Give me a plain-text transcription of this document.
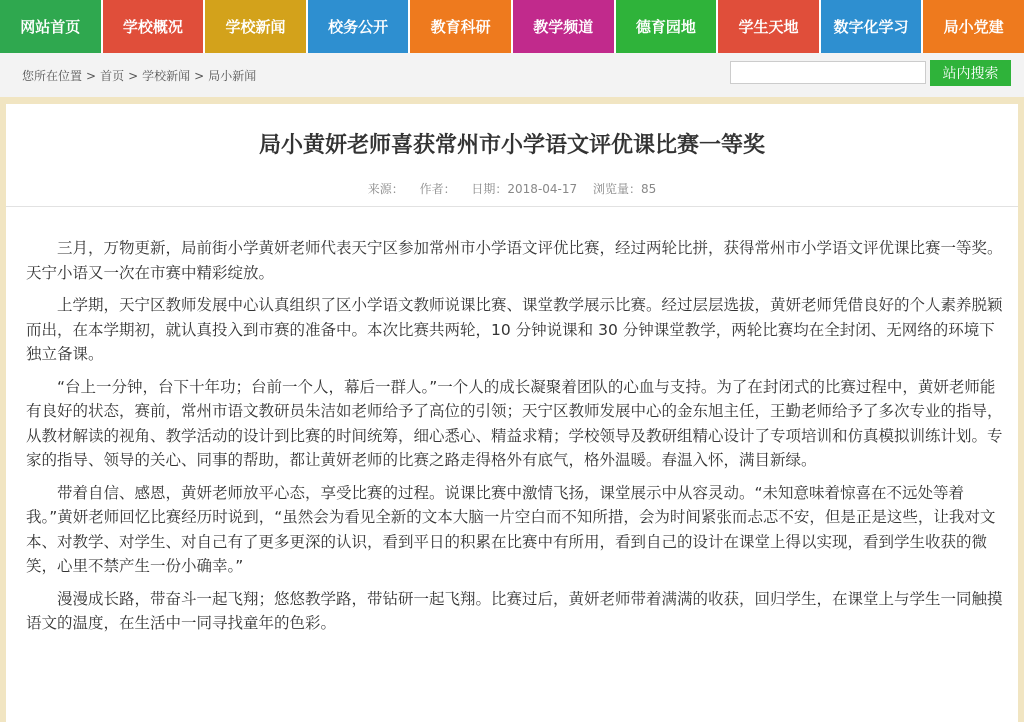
网站首页	学校概况	学校新闻	校务公开	教育科研	教学频道	德育园地	学生天地	数字化学习	局小党建
您所在位置 > 首页 > 学校新闻 > 局小新闻	站内搜索
局小黄妍老师喜获常州市小学语文评优课比赛一等奖
来源： 作者： 日期：2018-04-17 浏览量：85

三月，万物更新，局前街小学黄妍老师代表天宁区参加常州市小学语文评优比赛，经过两轮比拼，获得常州市小学语文评优课比赛一等奖。天宁小语又一次在市赛中精彩绽放。

上学期，天宁区教师发展中心认真组织了区小学语文教师说课比赛、课堂教学展示比赛。经过层层选拔，黄妍老师凭借良好的个人素养脱颖而出，在本学期初，就认真投入到市赛的准备中。本次比赛共两轮，10 分钟说课和 30 分钟课堂教学，两轮比赛均在全封闭、无网络的环境下独立备课。

“台上一分钟，台下十年功；台前一个人，幕后一群人。”一个人的成长凝聚着团队的心血与支持。为了在封闭式的比赛过程中，黄妍老师能有良好的状态，赛前，常州市语文教研员朱洁如老师给予了高位的引领；天宁区教师发展中心的金东旭主任，王勤老师给予了多次专业的指导，从教材解读的视角、教学活动的设计到比赛的时间统筹，细心悉心、精益求精；学校领导及教研组精心设计了专项培训和仿真模拟训练计划。专家的指导、领导的关心、同事的帮助，都让黄妍老师的比赛之路走得格外有底气，格外温暖。春温入怀，满目新绿。

带着自信、感恩，黄妍老师放平心态，享受比赛的过程。说课比赛中激情飞扬，课堂展示中从容灵动。“未知意味着惊喜在不远处等着我。”黄妍老师回忆比赛经历时说到，“虽然会为看见全新的文本大脑一片空白而不知所措，会为时间紧张而忐忑不安，但是正是这些，让我对文本、对教学、对学生、对自己有了更多更深的认识，看到平日的积累在比赛中有所用，看到自己的设计在课堂上得以实现，看到学生收获的微笑，心里不禁产生一份小确幸。”

漫漫成长路，带奋斗一起飞翔；悠悠教学路，带钻研一起飞翔。比赛过后，黄妍老师带着满满的收获，回归学生，在课堂上与学生一同触摸语文的温度，在生活中一同寻找童年的色彩。
